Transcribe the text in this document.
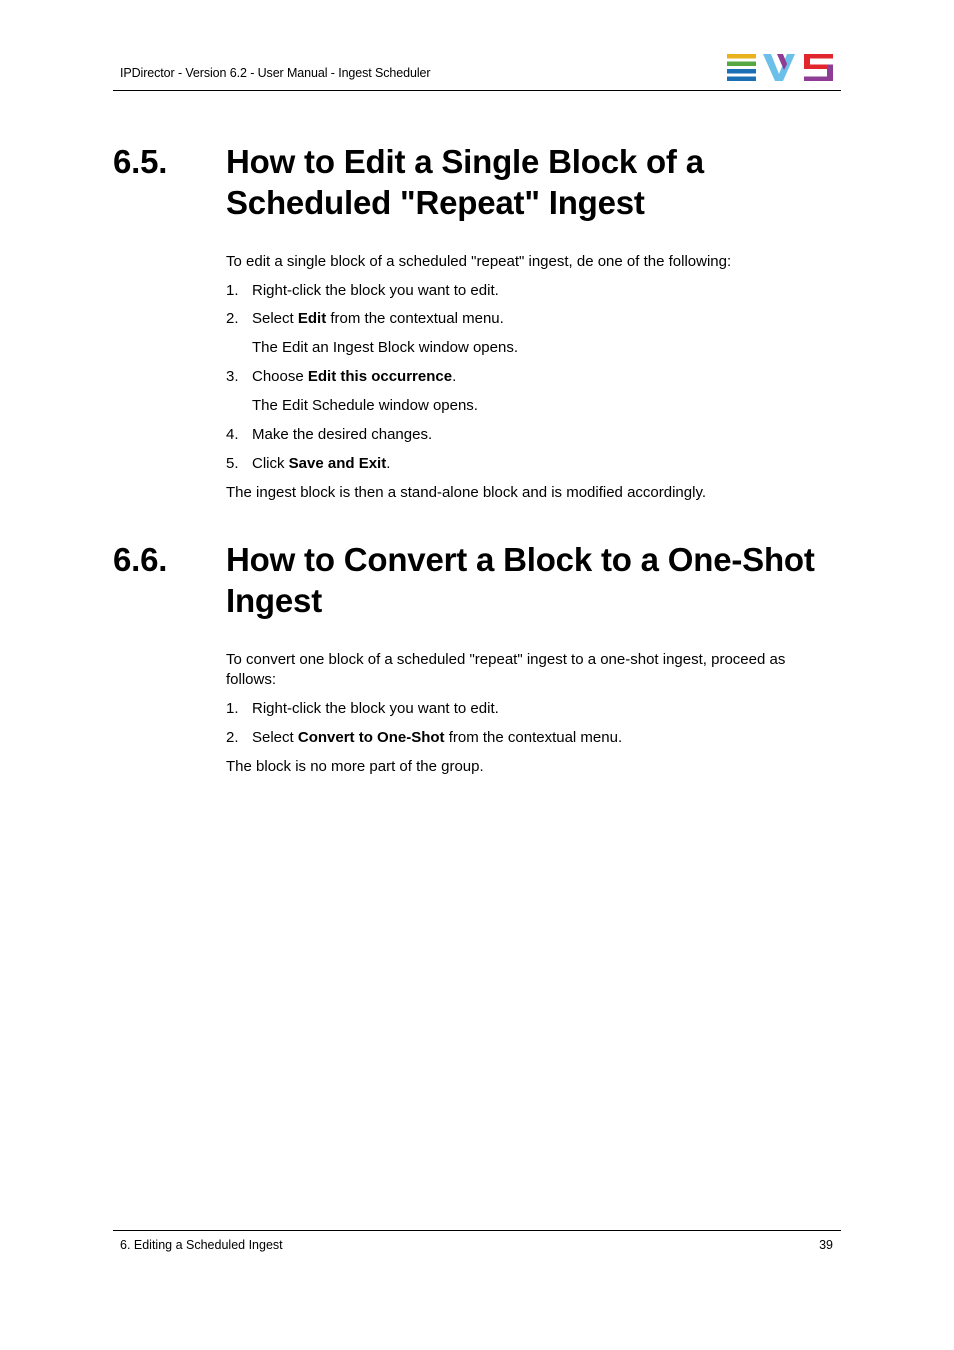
IPDirector - Version 6.2 - User Manual - Ingest Scheduler
6.5. How to Edit a Single Block of a
Scheduled "Repeat" Ingest
To edit a single block of a scheduled "repeat" ingest, de one of the following:
1. Right-click the block you want to edit.
2. Select Edit from the contextual menu.
The Edit an Ingest Block window opens.
3. Choose Edit this occurrence.
The Edit Schedule window opens.
4. Make the desired changes.
5. Click Save and Exit.
The ingest block is then a stand-alone block and is modified accordingly.
6.6. How to Convert a Block to a One-Shot
Ingest
To convert one block of a scheduled "repeat" ingest to a one-shot ingest, proceed as follows:
1. Right-click the block you want to edit.
2. Select Convert to One-Shot from the contextual menu.
The block is no more part of the group.
6. Editing a Scheduled Ingest	39
